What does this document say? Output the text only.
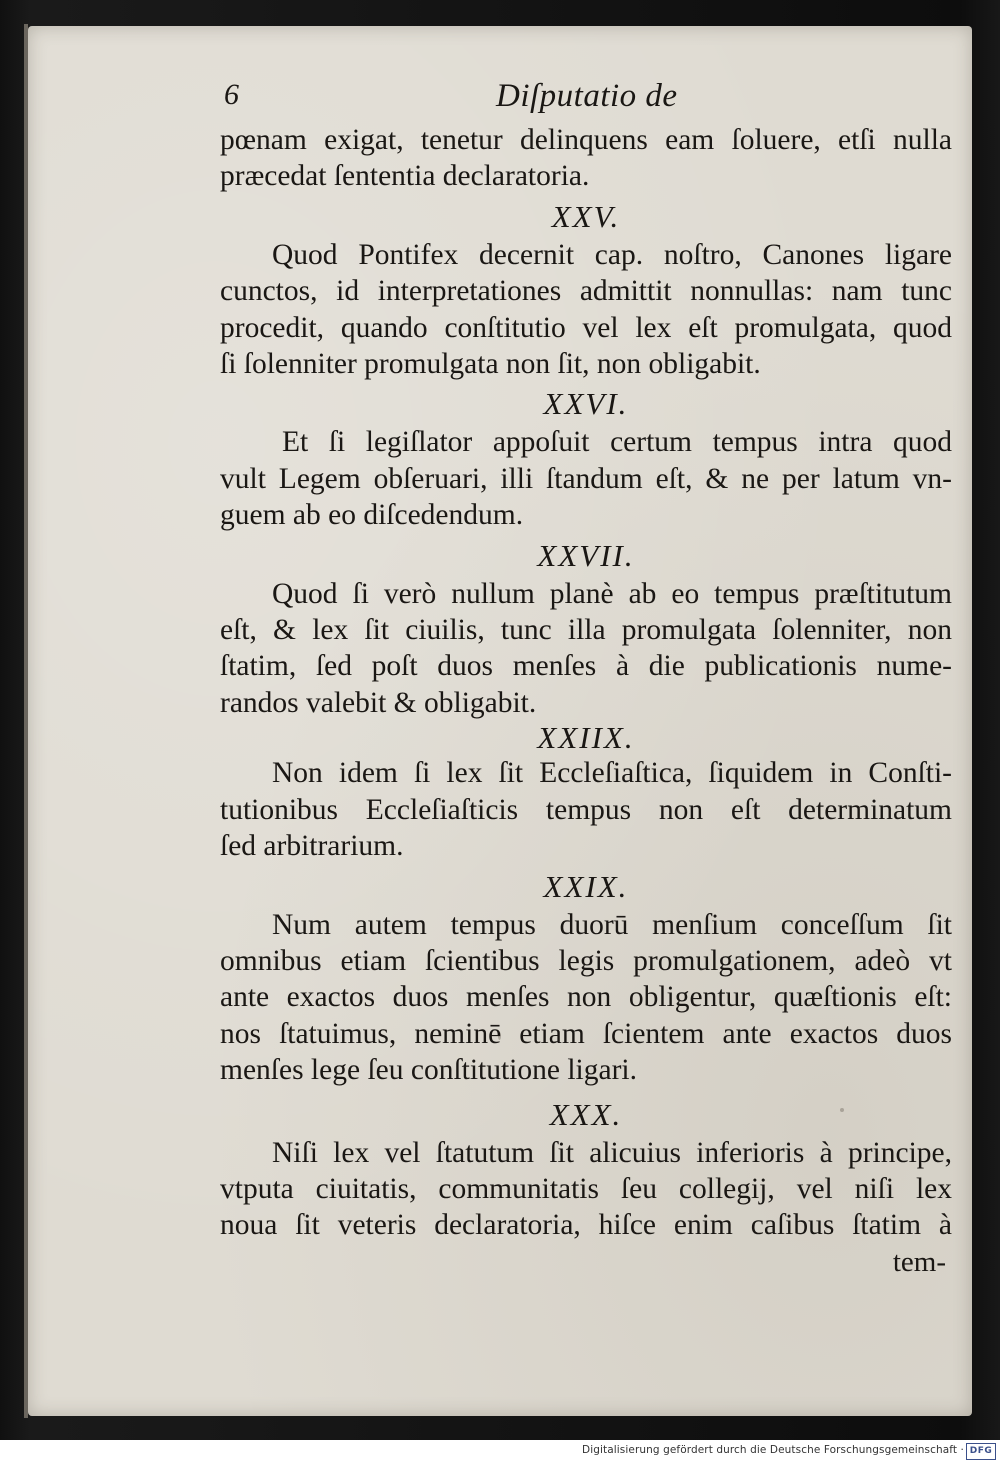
6	Diſputatio de
pœnam exigat, tenetur delinquens eam ſoluere, etſi nulla
præcedat ſententia declaratoria.
XXV.
Quod Pontifex decernit cap. noſtro, Canones ligare
cunctos, id interpretationes admittit nonnullas: nam tunc
procedit, quando conſtitutio vel lex eſt promulgata, quod
ſi ſolenniter promulgata non ſit, non obligabit.
XXVI.
Et ſi legiſlator appoſuit certum tempus intra quod
vult Legem obſeruari, illi ſtandum eſt, & ne per latum vn-
guem ab eo diſcedendum.
XXVII.
Quod ſi verò nullum planè ab eo tempus præſtitutum
eſt, & lex ſit ciuilis, tunc illa promulgata ſolenniter, non
ſtatim, ſed poſt duos menſes à die publicationis nume-
randos valebit & obligabit.
XXIIX.
Non idem ſi lex ſit Eccleſiaſtica, ſiquidem in Conſti-
tutionibus Eccleſiaſticis tempus non eſt determinatum
ſed arbitrarium.
XXIX.
Num autem tempus duorū menſium conceſſum ſit
omnibus etiam ſcientibus legis promulgationem, adeò vt
ante exactos duos menſes non obligentur, quæſtionis eſt:
nos ſtatuimus, neminē etiam ſcientem ante exactos duos
menſes lege ſeu conſtitutione ligari.
XXX.
Niſi lex vel ſtatutum ſit alicuius inferioris à principe,
vtputa ciuitatis, communitatis ſeu collegij, vel niſi lex
noua ſit veteris declaratoria, hiſce enim caſibus ſtatim à
tem-
Digitalisierung gefördert durch die Deutsche Forschungsgemeinschaft · DFG
